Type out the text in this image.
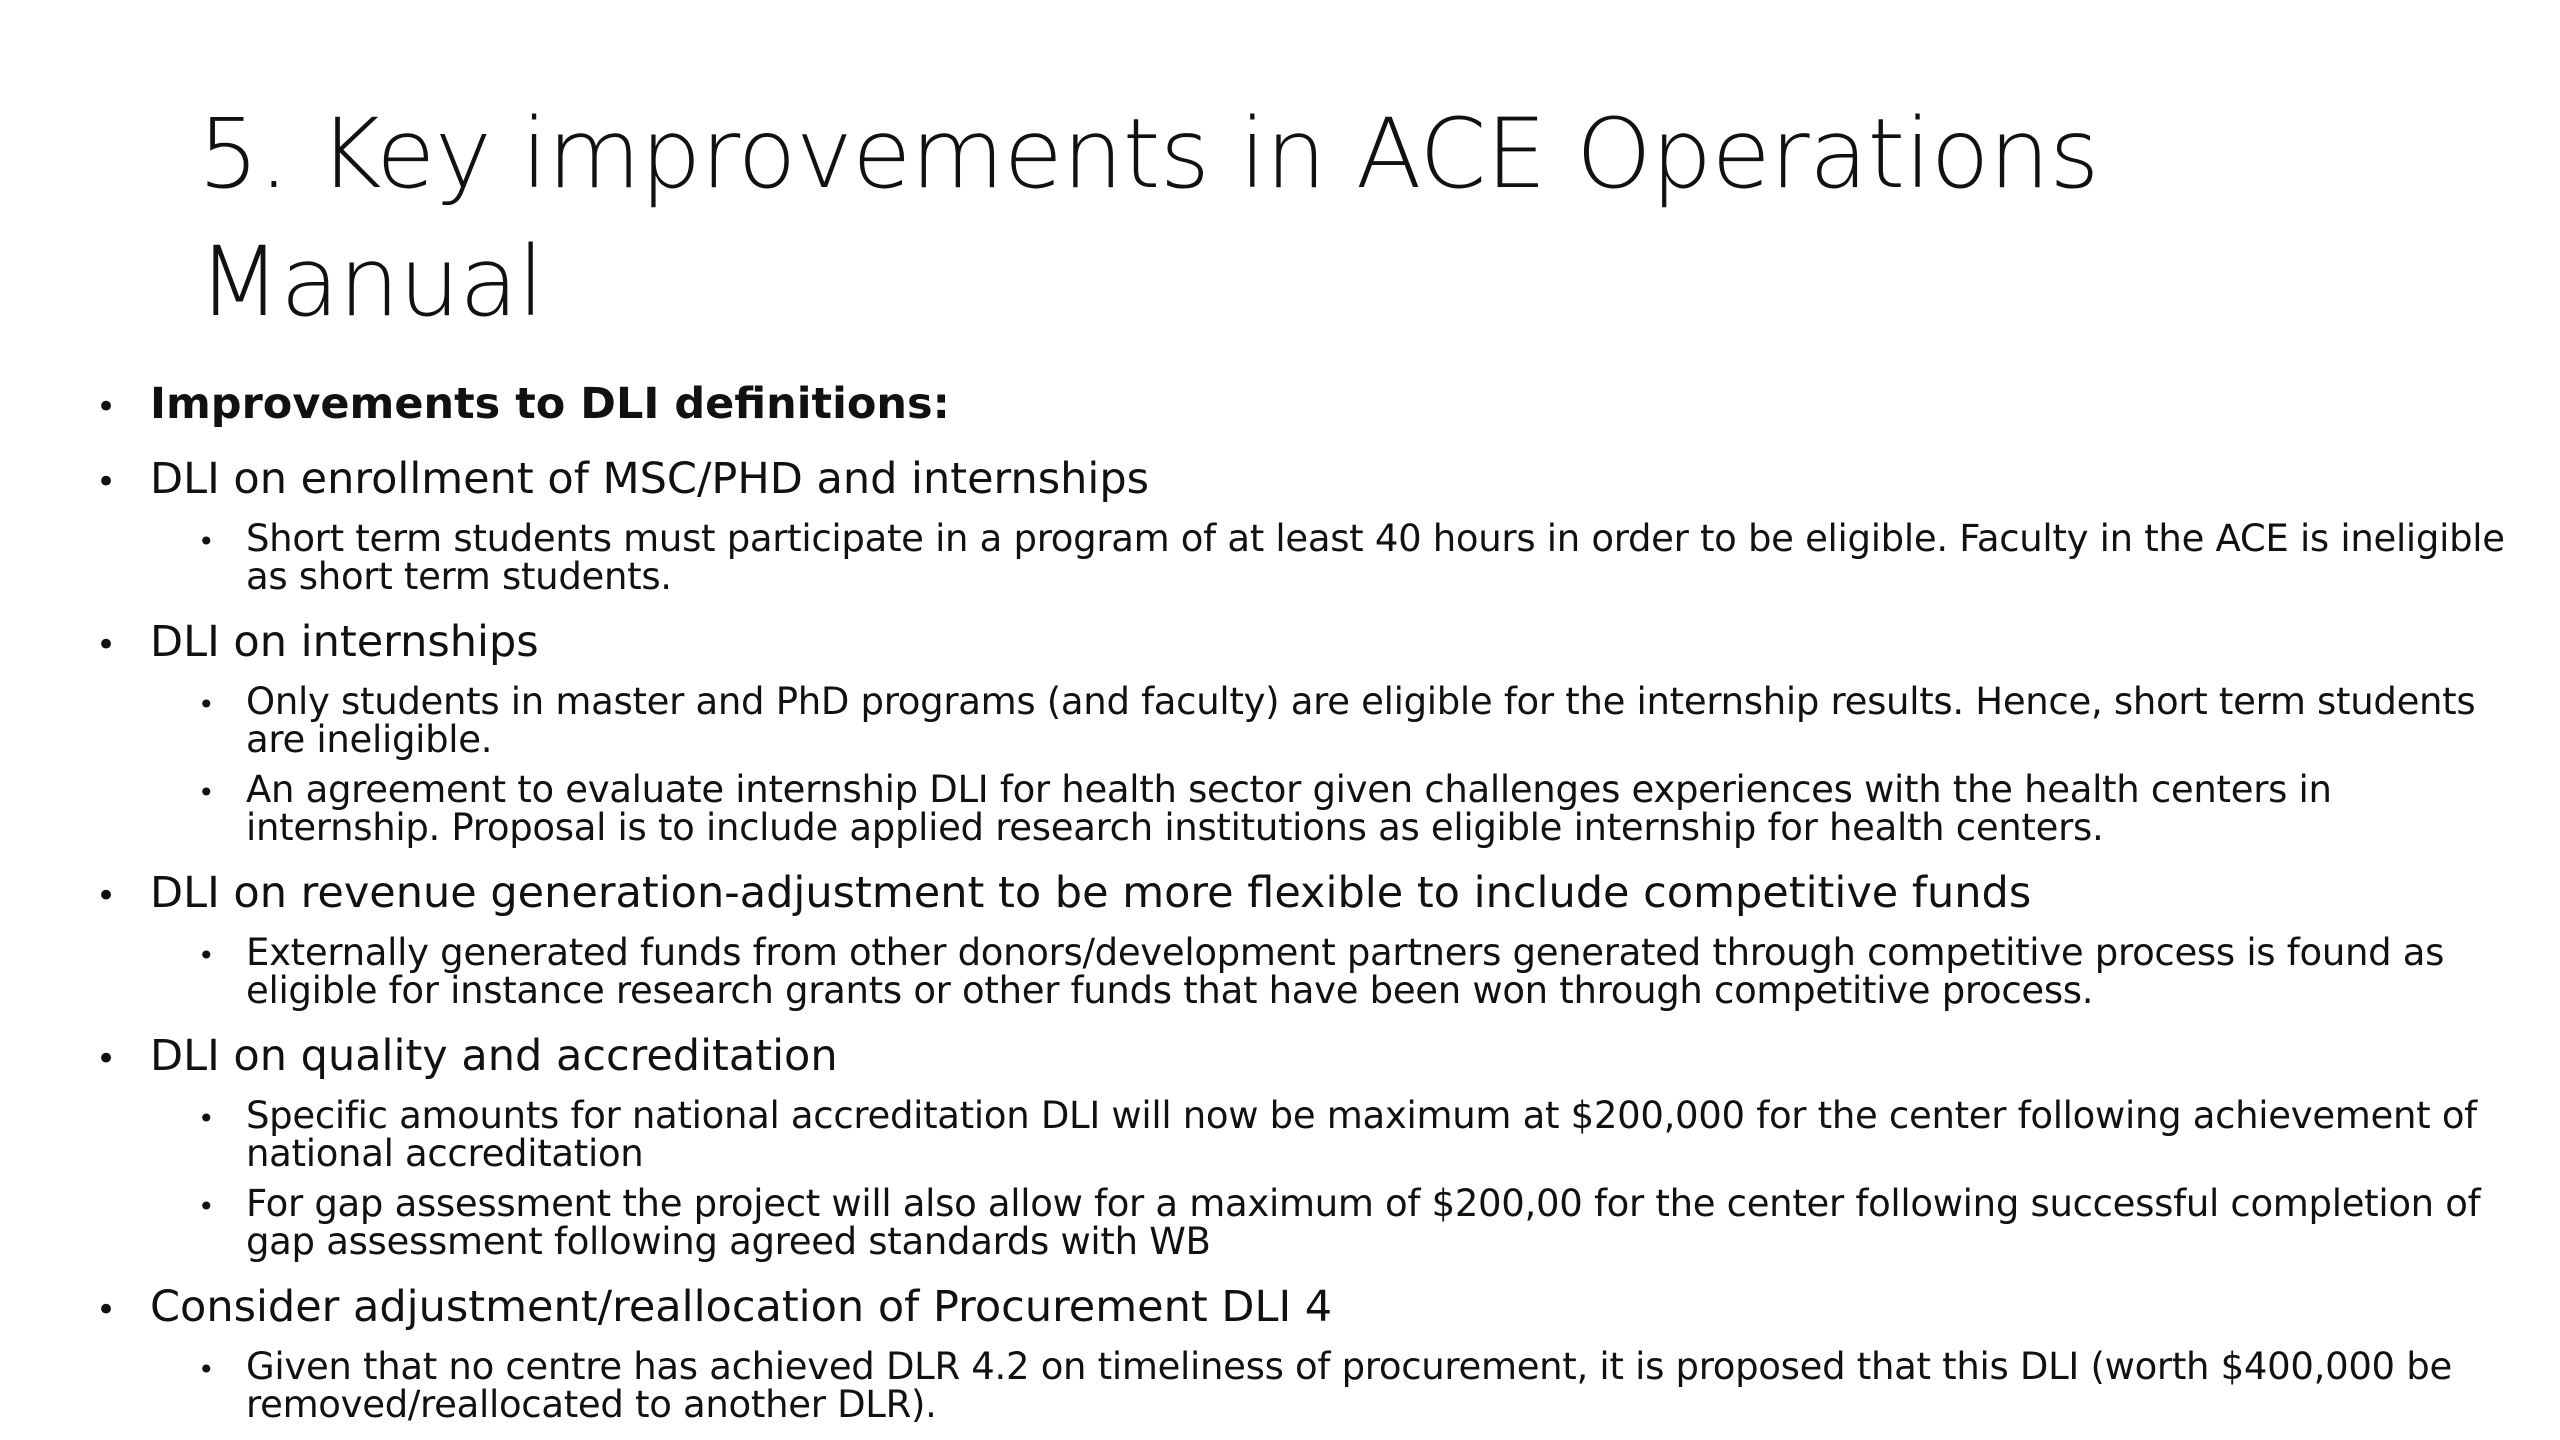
5. Key improvements in ACE Operations Manual
• Improvements to DLI definitions:
• DLI on enrollment of MSC/PHD and internships
• Short term students must participate in a program of at least 40 hours in order to be eligible. Faculty in the ACE is ineligible as short term students.
• DLI on internships
• Only students in master and PhD programs (and faculty) are eligible for the internship results. Hence, short term students are ineligible.
• An agreement to evaluate internship DLI for health sector given challenges experiences with the health centers in internship. Proposal is to include applied research institutions as eligible internship for health centers.
• DLI on revenue generation-adjustment to be more flexible to include competitive funds
• Externally generated funds from other donors/development partners generated through competitive process is found as eligible for instance research grants or other funds that have been won through competitive process.
• DLI on quality and accreditation
• Specific amounts for national accreditation DLI will now be maximum at $200,000 for the center following achievement of national accreditation
• For gap assessment the project will also allow for a maximum of $200,00 for the center following successful completion of gap assessment following agreed standards with WB
• Consider adjustment/reallocation of Procurement DLI 4
• Given that no centre has achieved DLR 4.2 on timeliness of procurement, it is proposed that this DLI (worth $400,000 be removed/reallocated to another DLR).
